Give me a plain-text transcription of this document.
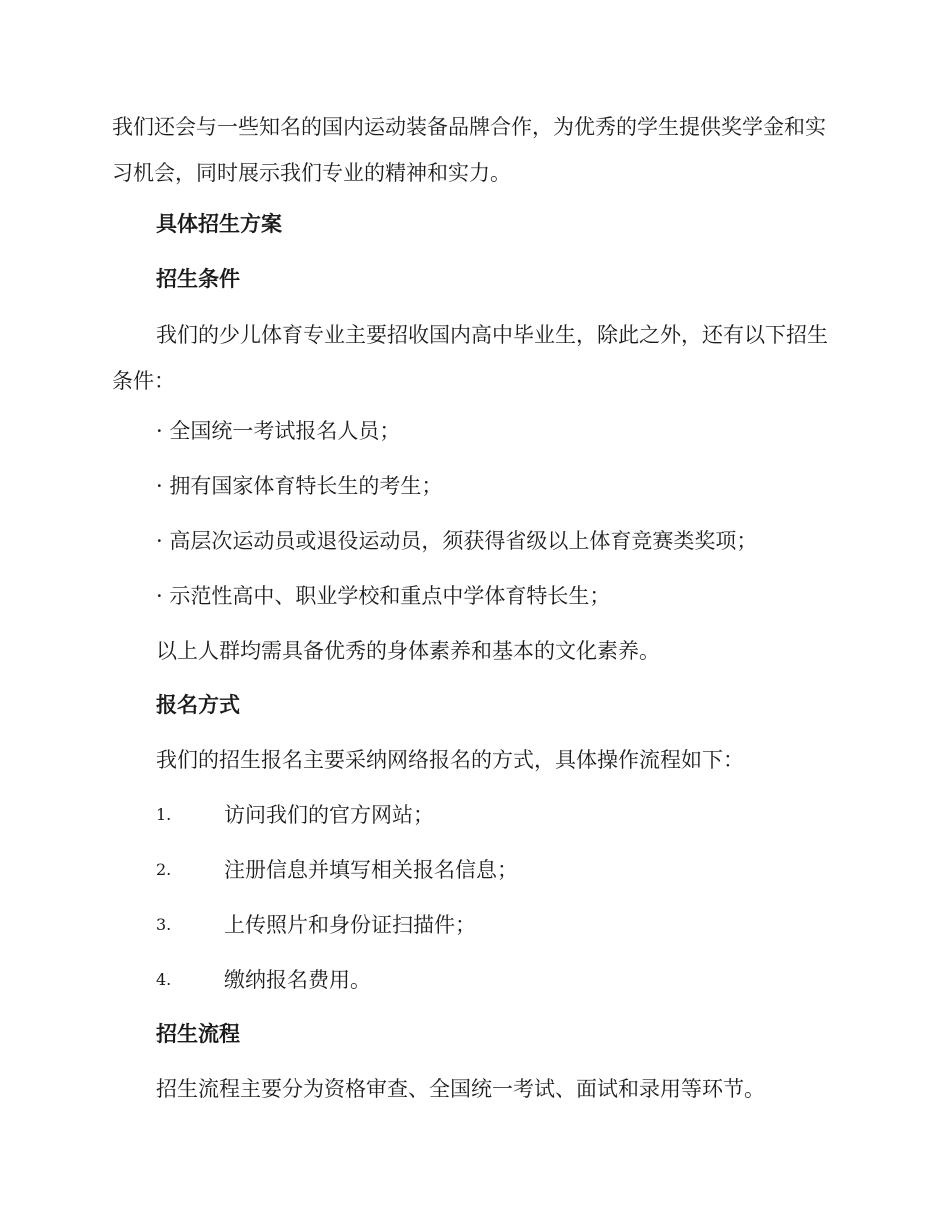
我们还会与一些知名的国内运动装备品牌合作，为优秀的学生提供奖学金和实习机会，同时展示我们专业的精神和实力。

具体招生方案

招生条件

我们的少儿体育专业主要招收国内高中毕业生，除此之外，还有以下招生条件：

· 全国统一考试报名人员；

· 拥有国家体育特长生的考生；

· 高层次运动员或退役运动员，须获得省级以上体育竞赛类奖项；

· 示范性高中、职业学校和重点中学体育特长生；

以上人群均需具备优秀的身体素养和基本的文化素养。

报名方式

我们的招生报名主要采纳网络报名的方式，具体操作流程如下：

1.	访问我们的官方网站；
2.	注册信息并填写相关报名信息；
3.	上传照片和身份证扫描件；
4.	缴纳报名费用。

招生流程

招生流程主要分为资格审查、全国统一考试、面试和录用等环节。
